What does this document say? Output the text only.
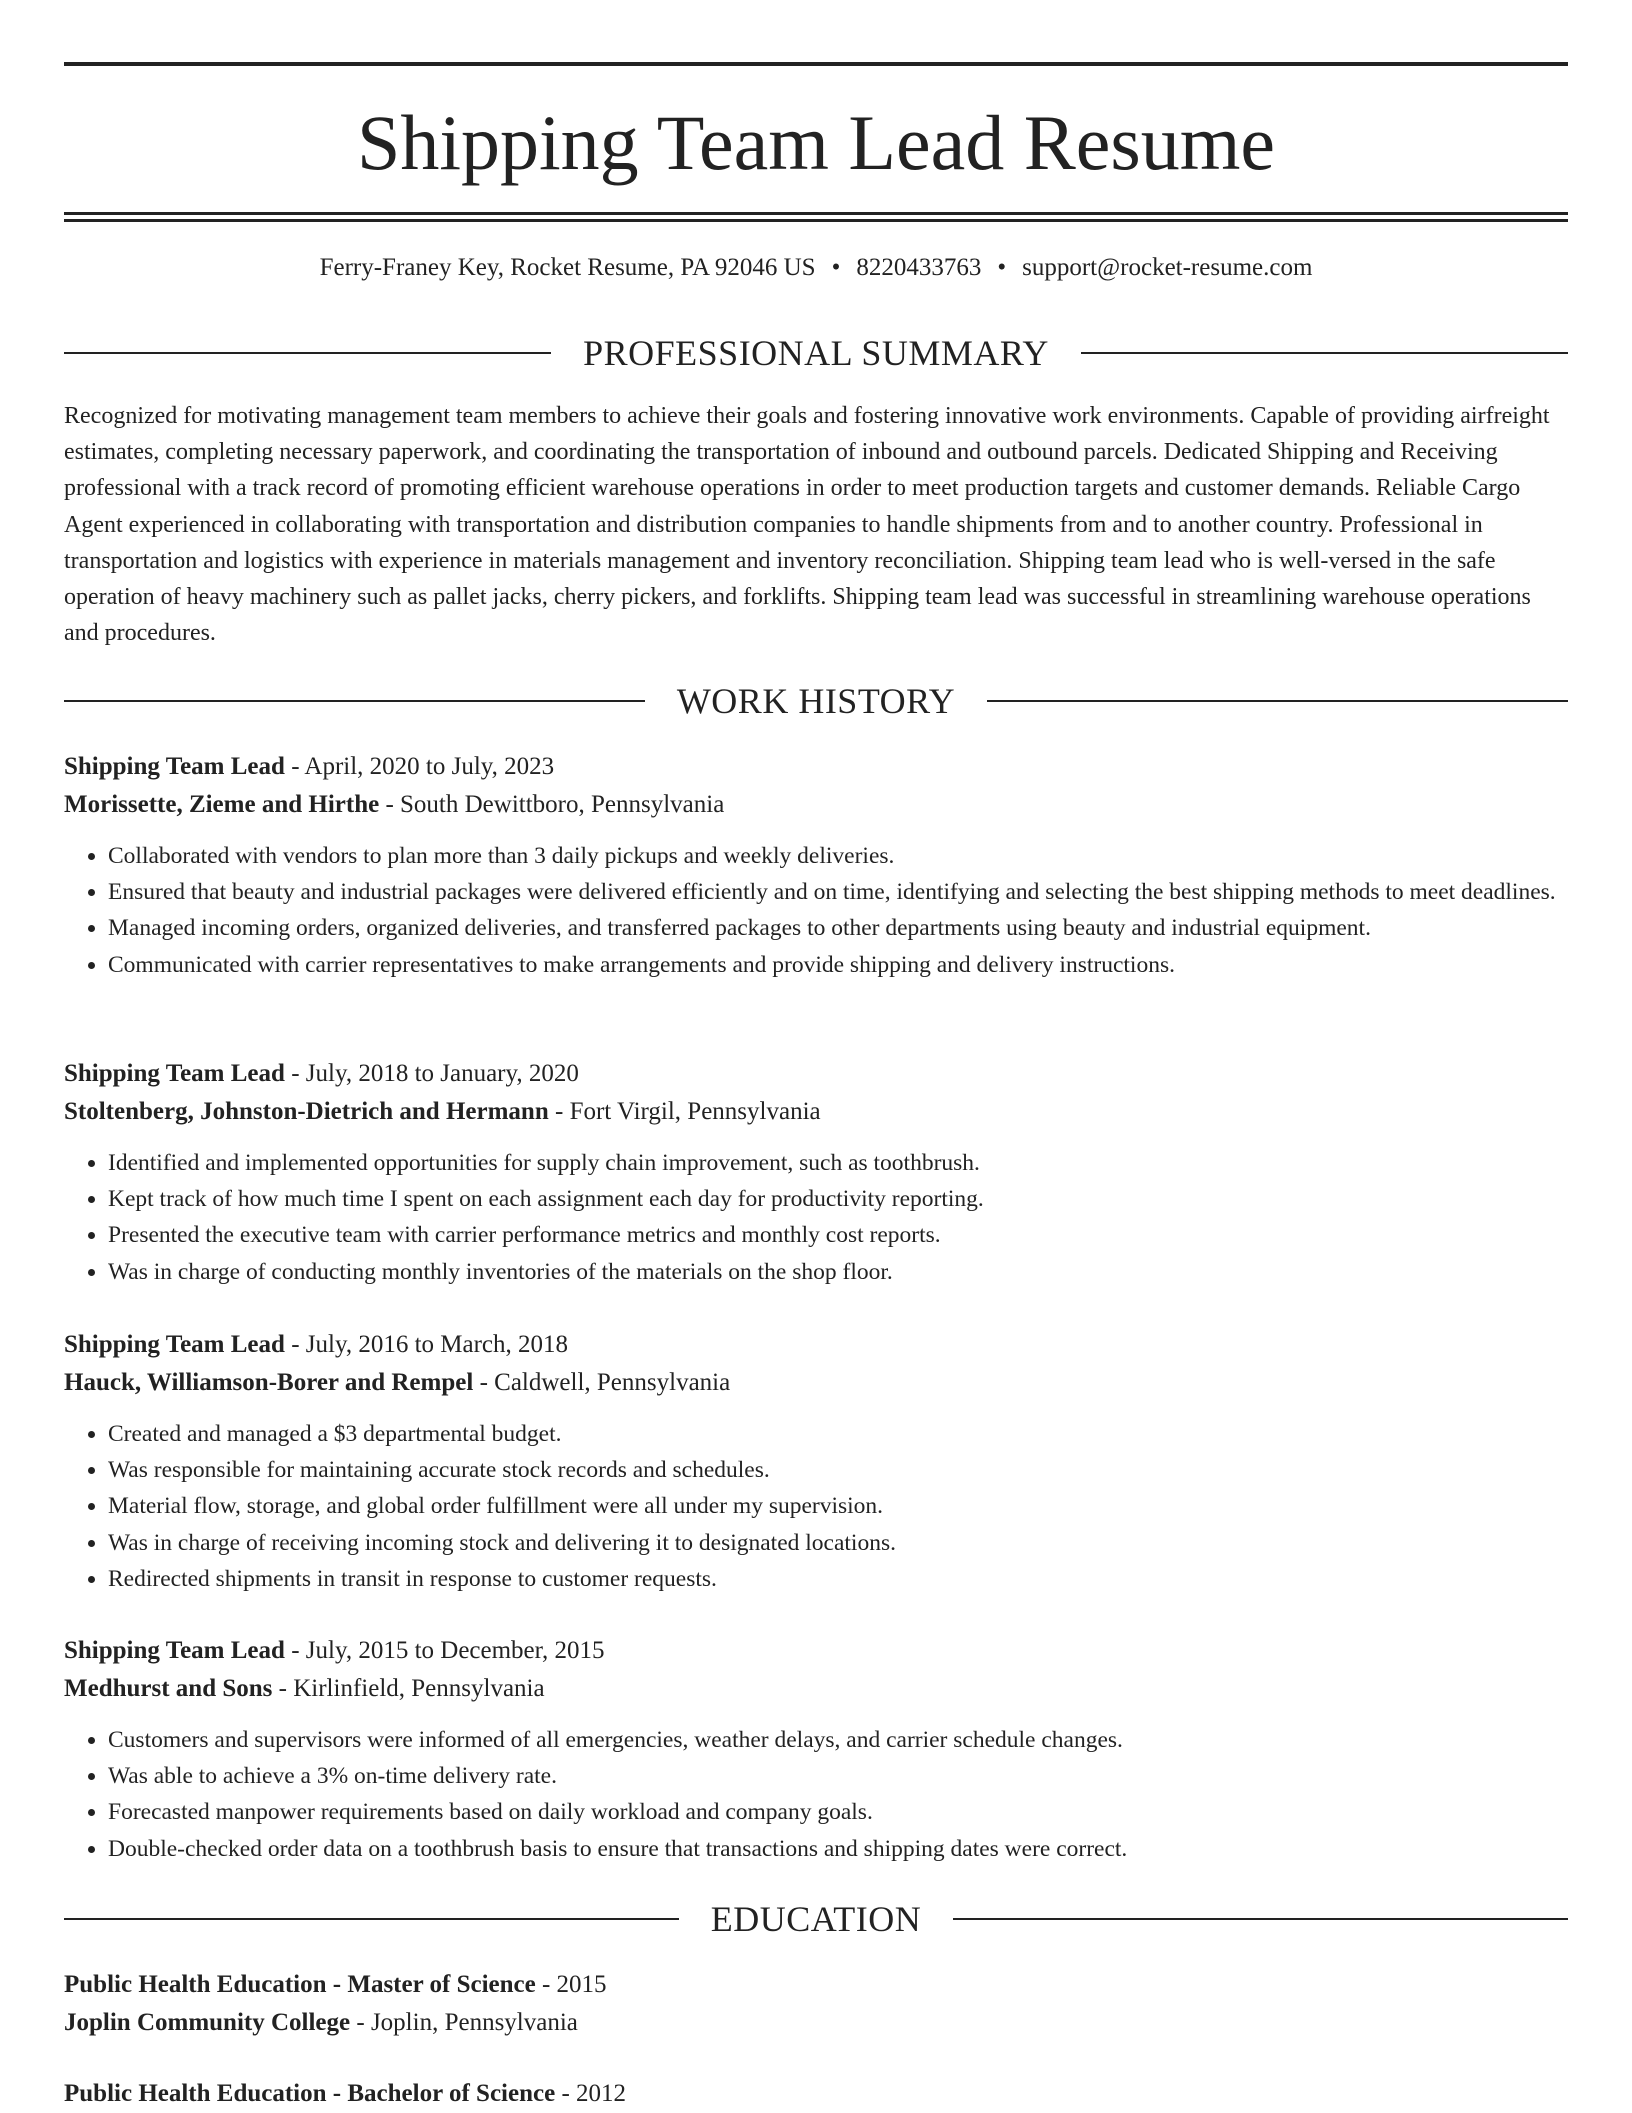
Shipping Team Lead Resume
Ferry-Franey Key, Rocket Resume, PA 92046 US • 8220433763 • support@rocket-resume.com
PROFESSIONAL SUMMARY

Recognized for motivating management team members to achieve their goals and fostering innovative work environments. Capable of providing airfreight estimates, completing necessary paperwork, and coordinating the transportation of inbound and outbound parcels. Dedicated Shipping and Receiving professional with a track record of promoting efficient warehouse operations in order to meet production targets and customer demands. Reliable Cargo Agent experienced in collaborating with transportation and distribution companies to handle shipments from and to another country. Professional in transportation and logistics with experience in materials management and inventory reconciliation. Shipping team lead who is well-versed in the safe operation of heavy machinery such as pallet jacks, cherry pickers, and forklifts. Shipping team lead was successful in streamlining warehouse operations and procedures.

WORK HISTORY
Shipping Team Lead - April, 2020 to July, 2023
Morissette, Zieme and Hirthe - South Dewittboro, Pennsylvania
• Collaborated with vendors to plan more than 3 daily pickups and weekly deliveries.
• Ensured that beauty and industrial packages were delivered efficiently and on time, identifying and selecting the best shipping methods to meet deadlines.
• Managed incoming orders, organized deliveries, and transferred packages to other departments using beauty and industrial equipment.
• Communicated with carrier representatives to make arrangements and provide shipping and delivery instructions.
Shipping Team Lead - July, 2018 to January, 2020
Stoltenberg, Johnston-Dietrich and Hermann - Fort Virgil, Pennsylvania
• Identified and implemented opportunities for supply chain improvement, such as toothbrush.
• Kept track of how much time I spent on each assignment each day for productivity reporting.
• Presented the executive team with carrier performance metrics and monthly cost reports.
• Was in charge of conducting monthly inventories of the materials on the shop floor.
Shipping Team Lead - July, 2016 to March, 2018
Hauck, Williamson-Borer and Rempel - Caldwell, Pennsylvania
• Created and managed a $3 departmental budget.
• Was responsible for maintaining accurate stock records and schedules.
• Material flow, storage, and global order fulfillment were all under my supervision.
• Was in charge of receiving incoming stock and delivering it to designated locations.
• Redirected shipments in transit in response to customer requests.
Shipping Team Lead - July, 2015 to December, 2015
Medhurst and Sons - Kirlinfield, Pennsylvania
• Customers and supervisors were informed of all emergencies, weather delays, and carrier schedule changes.
• Was able to achieve a 3% on-time delivery rate.
• Forecasted manpower requirements based on daily workload and company goals.
• Double-checked order data on a toothbrush basis to ensure that transactions and shipping dates were correct.
EDUCATION
Public Health Education - Master of Science - 2015
Joplin Community College - Joplin, Pennsylvania
Public Health Education - Bachelor of Science - 2012
